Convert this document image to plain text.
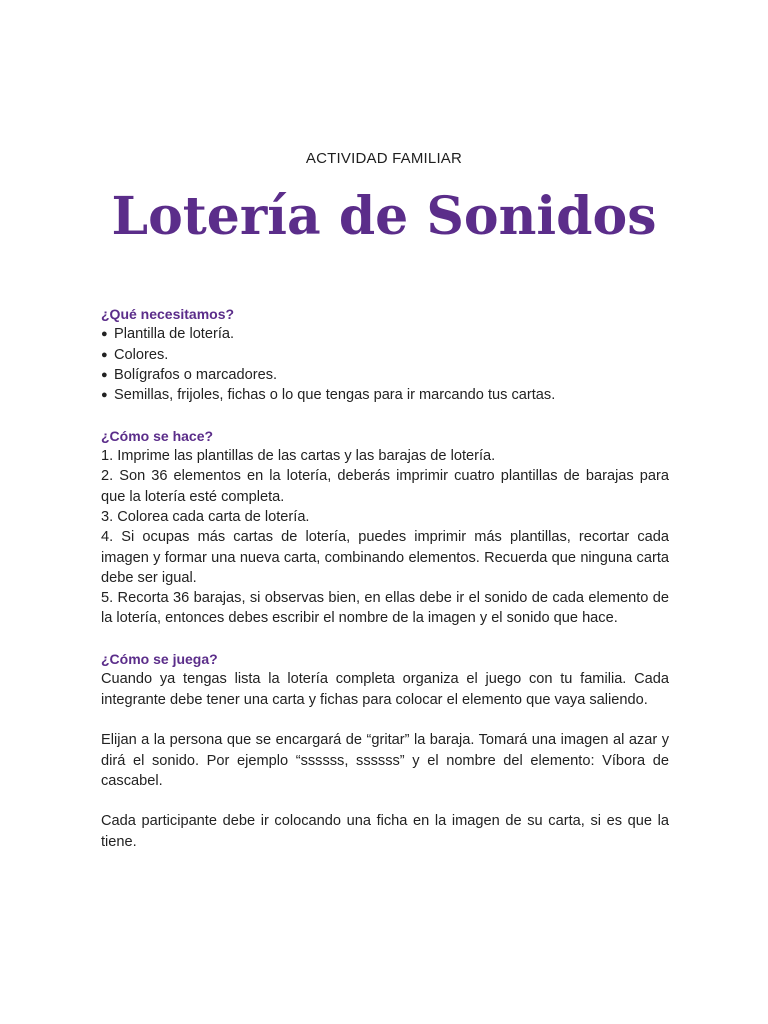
ACTIVIDAD FAMILIAR
Lotería de Sonidos
¿Qué necesitamos?
● Plantilla de lotería.
● Colores.
● Bolígrafos o marcadores.
● Semillas, frijoles, fichas o lo que tengas para ir marcando tus cartas.
¿Cómo se hace?
1. Imprime las plantillas de las cartas y las barajas de lotería.
2. Son 36 elementos en la lotería, deberás imprimir cuatro plantillas de barajas para que la lotería esté completa.
3. Colorea cada carta de lotería.
4. Si ocupas más cartas de lotería, puedes imprimir más plantillas, recortar cada imagen y formar una nueva carta, combinando elementos. Recuerda que ninguna carta debe ser igual.
5. Recorta 36 barajas, si observas bien, en ellas debe ir el sonido de cada elemento de la lotería, entonces debes escribir el nombre de la imagen y el sonido que hace.
¿Cómo se juega?

Cuando ya tengas lista la lotería completa organiza el juego con tu familia. Cada integrante debe tener una carta y fichas para colocar el elemento que vaya saliendo.

Elijan a la persona que se encargará de “gritar” la baraja. Tomará una imagen al azar y dirá el sonido. Por ejemplo “ssssss, ssssss” y el nombre del elemento: Víbora de cascabel.

Cada participante debe ir colocando una ficha en la imagen de su carta, si es que la tiene.
